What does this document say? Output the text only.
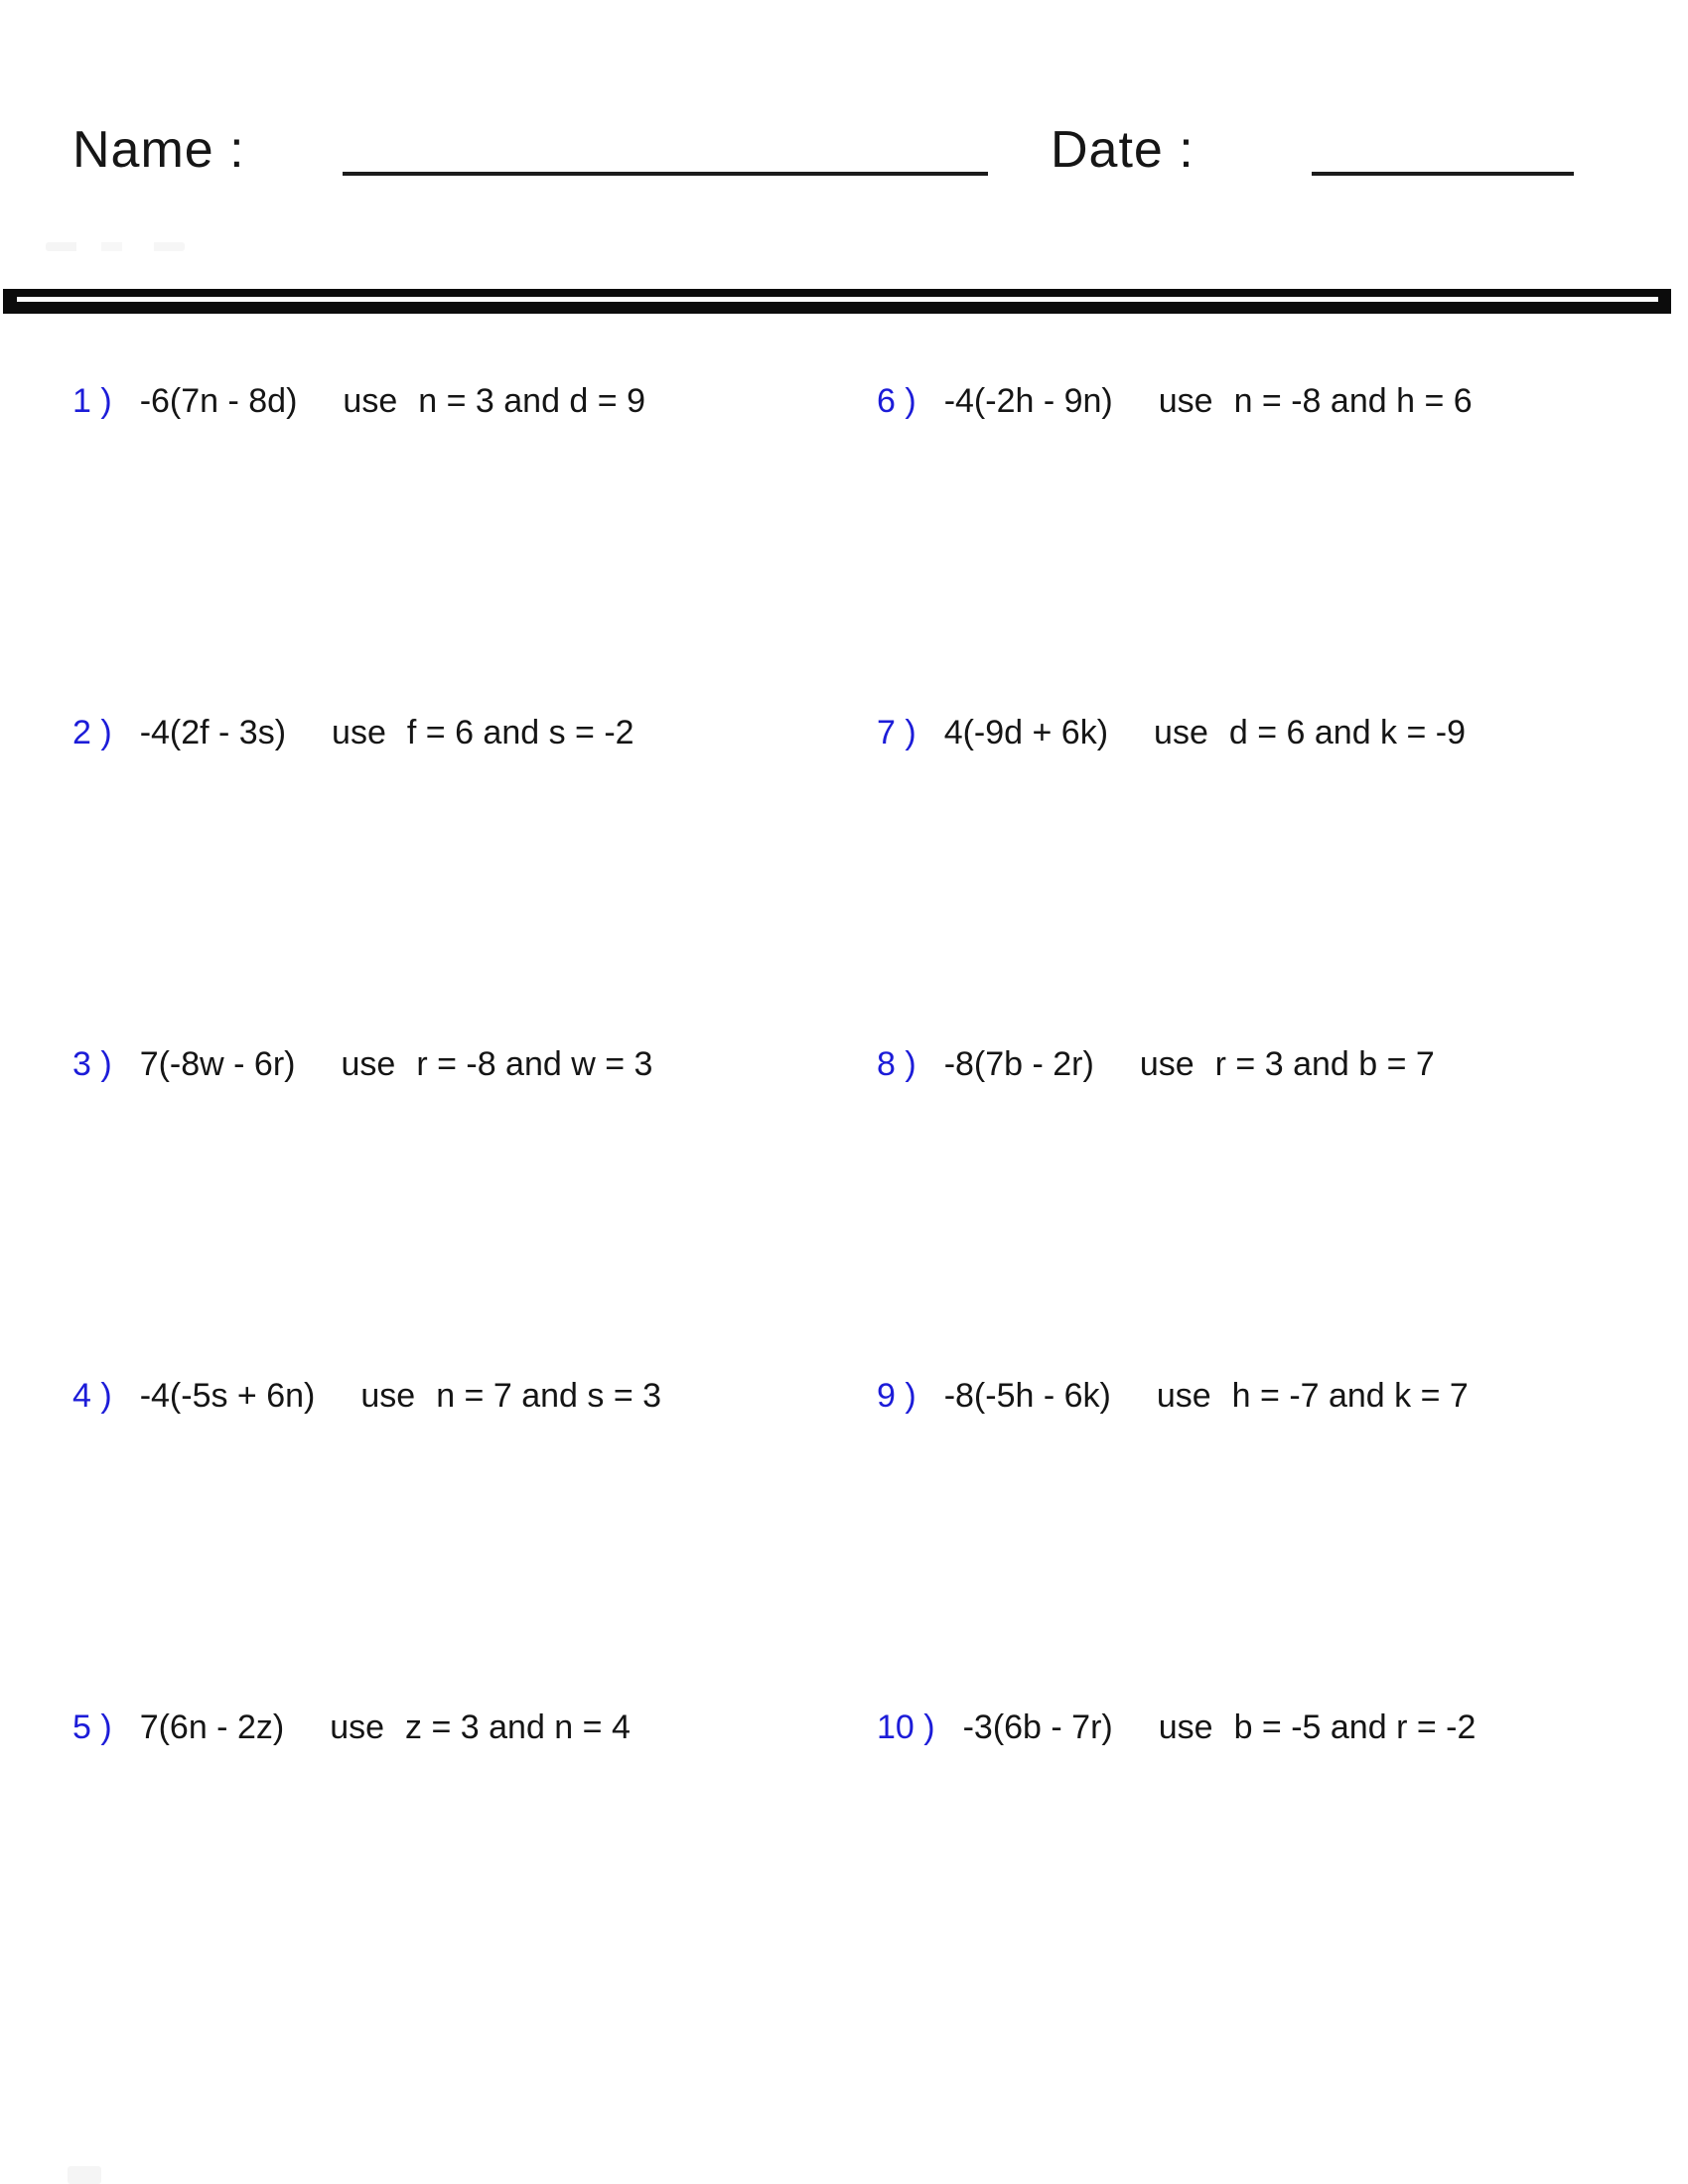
Name :	Date :
1 ) -6(7n - 8d) use n = 3 and d = 9
2 ) -4(2f - 3s) use f = 6 and s = -2
3 ) 7(-8w - 6r) use r = -8 and w = 3
4 ) -4(-5s + 6n) use n = 7 and s = 3
5 ) 7(6n - 2z) use z = 3 and n = 4
6 ) -4(-2h - 9n) use n = -8 and h = 6
7 ) 4(-9d + 6k) use d = 6 and k = -9
8 ) -8(7b - 2r) use r = 3 and b = 7
9 ) -8(-5h - 6k) use h = -7 and k = 7
10 ) -3(6b - 7r) use b = -5 and r = -2
